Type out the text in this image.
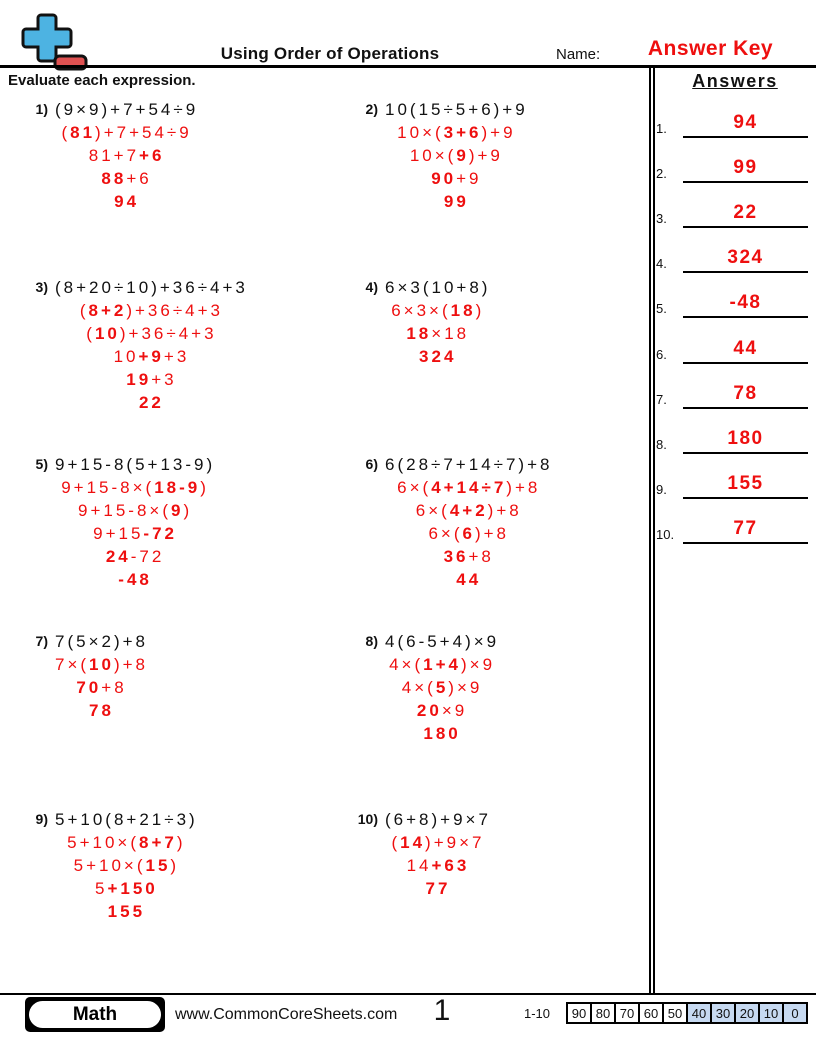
Using Order of Operations	Name:	Answer Key
Evaluate each expression.	Answers
1.	94
2.	99
3.	22
4.	324
5.	-48
6.	44
7.	78
8.	180
9.	155
10.	77
1) (9×9)+7+54÷9
(81)+7+54÷9
81+7+6
88+6
94
2) 10(15÷5+6)+9
10×(3+6)+9
10×(9)+9
90+9
99
3) (8+20÷10)+36÷4+3
(8+2)+36÷4+3
(10)+36÷4+3
10+9+3
19+3
22
4) 6×3(10+8)
6×3×(18)
18×18
324
5) 9+15-8(5+13-9)
9+15-8×(18-9)
9+15-8×(9)
9+15-72
24-72
-48
6) 6(28÷7+14÷7)+8
6×(4+14÷7)+8
6×(4+2)+8
6×(6)+8
36+8
44
7) 7(5×2)+8
7×(10)+8
70+8
78
8) 4(6-5+4)×9
4×(1+4)×9
4×(5)×9
20×9
180
9) 5+10(8+21÷3)
5+10×(8+7)
5+10×(15)
5+150
155
10) (6+8)+9×7
(14)+9×7
14+63
77
Math	www.CommonCoreSheets.com	1	1-10	90 80 70 60 50 40 30 20 10	0
